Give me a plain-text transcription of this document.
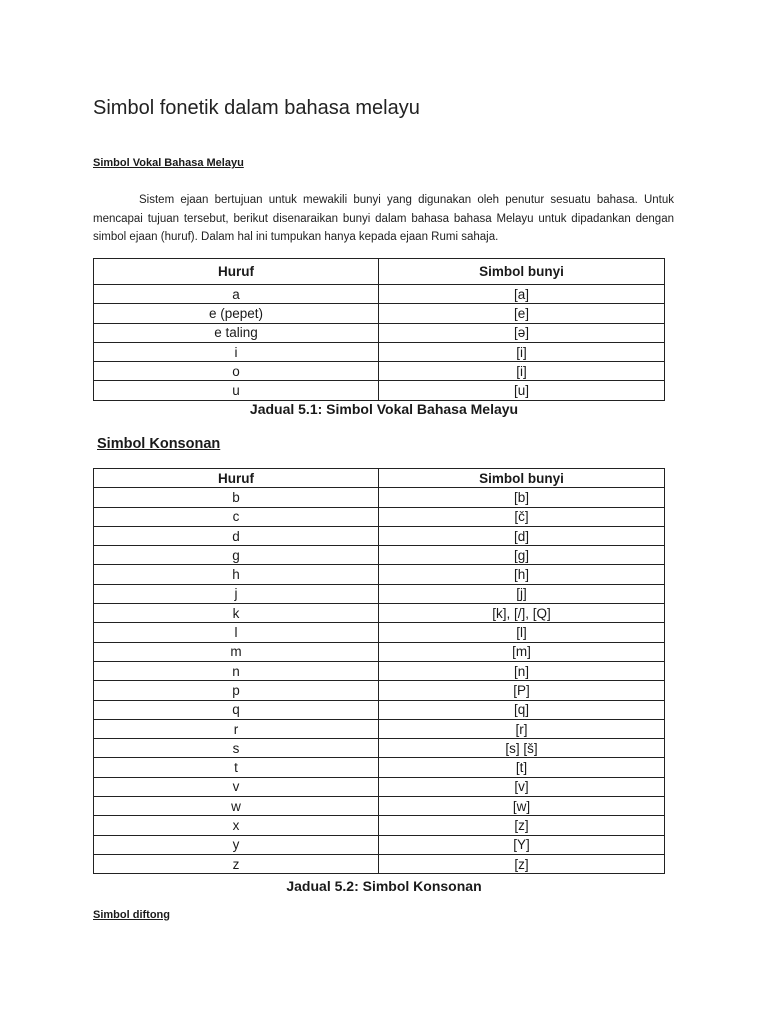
Simbol fonetik dalam bahasa melayu

Simbol Vokal Bahasa Melayu

Sistem ejaan bertujuan untuk mewakili bunyi yang digunakan oleh penutur sesuatu bahasa. Untuk mencapai tujuan tersebut, berikut disenaraikan bunyi dalam bahasa bahasa Melayu untuk dipadankan dengan simbol ejaan (huruf). Dalam hal ini tumpukan hanya kepada ejaan Rumi sahaja.

Huruf	Simbol bunyi
a	[a]
e (pepet)	[e]
e taling	[ə]
i	[i]
o	[i]
u	[u]

Jadual 5.1: Simbol Vokal Bahasa Melayu

Simbol Konsonan

Huruf	Simbol bunyi
b	[b]
c	[č]
d	[d]
g	[g]
h	[h]
j	[j]
k	[k], [/], [Q]
l	[l]
m	[m]
n	[n]
p	[P]
q	[q]
r	[r]
s	[s] [š]
t	[t]
v	[v]
w	[w]
x	[z]
y	[Y]
z	[z]

Jadual 5.2: Simbol Konsonan

Simbol diftong
